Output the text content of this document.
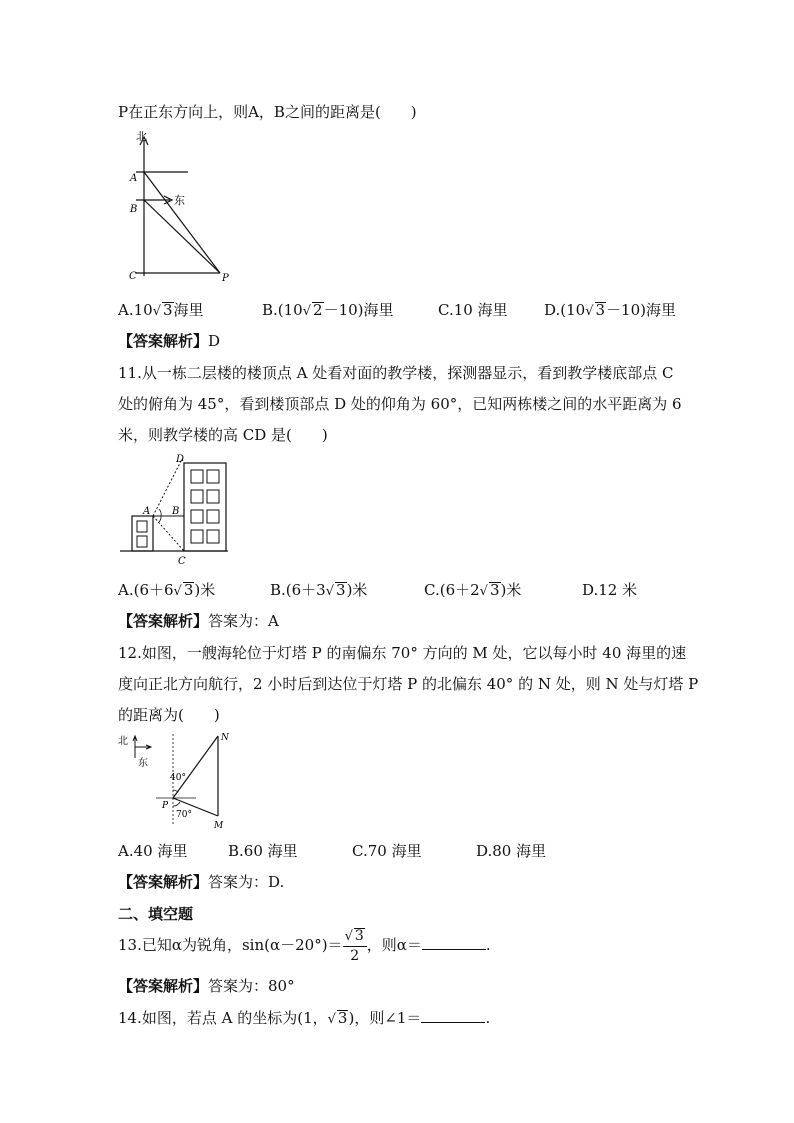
P在正东方向上，则A，B之间的距离是(　　)
北
东
A
B
C	P
A.10√ 3海里	B.(10√ 2－10)海里	C.10 海里 D.(10√ 3－10)海里
【答案解析】D
11.从一栋二层楼的楼顶点 A 处看对面的教学楼，探测器显示，看到教学楼底部点 C
处的俯角为 45°，看到楼顶部点 D 处的仰角为 60°，已知两栋楼之间的水平距离为 6
米，则教学楼的高 CD 是(　　)
D
A B
C
A.(6＋6√ 3)米	B.(6＋3√ 3)米	C.(6＋2√ 3)米	D.12 米
【答案解析】答案为：A
12.如图，一艘海轮位于灯塔 P 的南偏东 70° 方向的 M 处，它以每小时 40 海里的速
度向正北方向航行，2 小时后到达位于灯塔 P 的北偏东 40° 的 N 处，则 N 处与灯塔 P
的距离为(　　)
北
东
N
P
M
40°
70°
A.40 海里	B.60 海里	C.70 海里	D.80 海里
【答案解析】答案为：D.
二、填空题
13.已知α为锐角，$\sin(\alpha-20^\circ)= \frac{√ 3}{2}$ ，则α＝	.
【答案解析】答案为：80°
14.如图，若点 A 的坐标为(1，√ 3)，则∠1＝	.
